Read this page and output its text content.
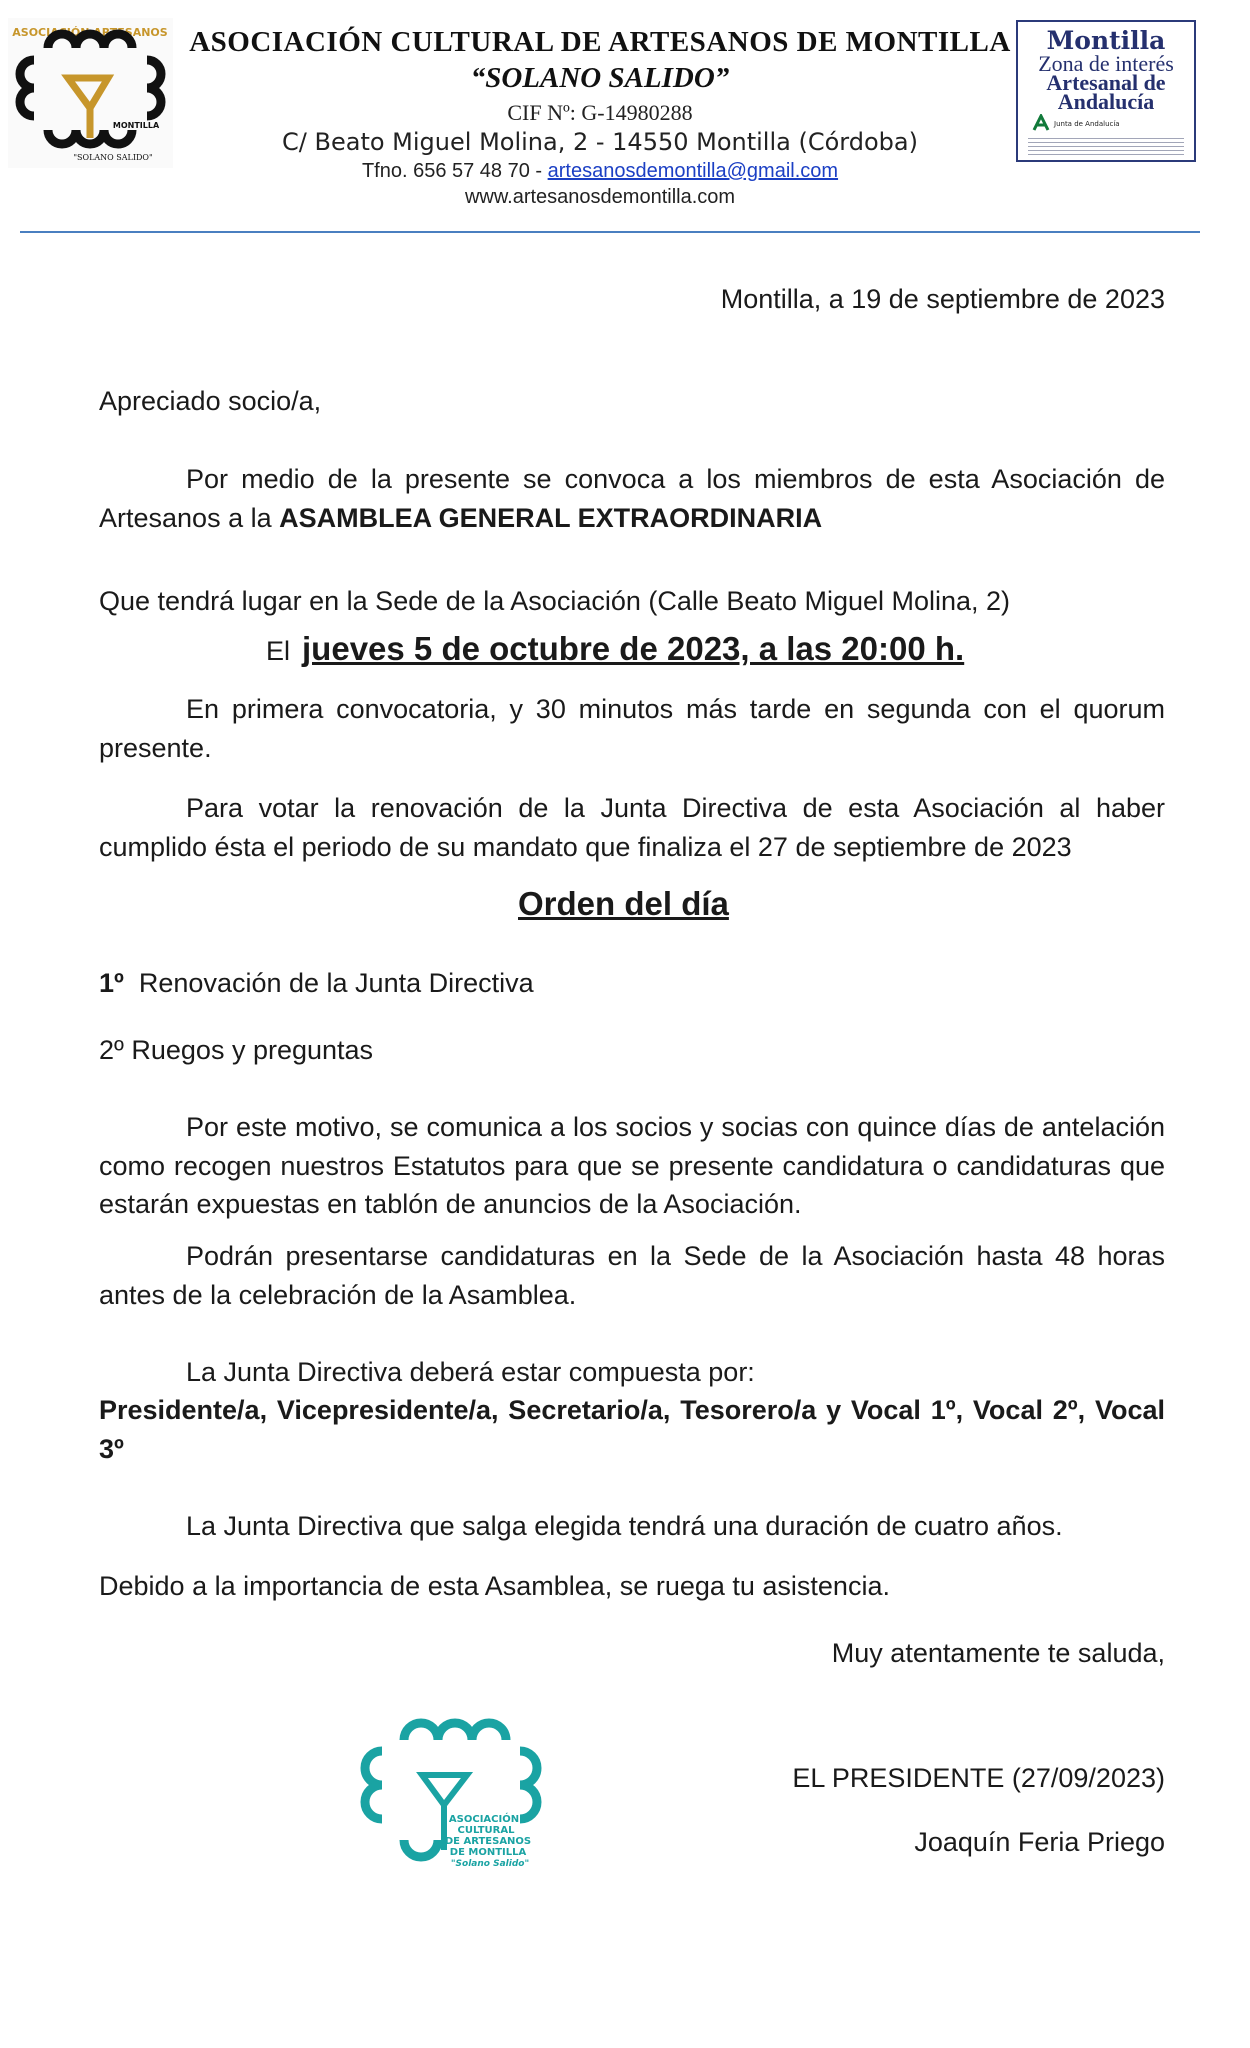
ASOCIACIÓN ARTESANOS
MONTILLA
"SOLANO SALIDO"
ASOCIACIÓN CULTURAL DE ARTESANOS DE MONTILLA
“SOLANO SALIDO”
CIF Nº: G-14980288
C/ Beato Miguel Molina, 2 - 14550 Montilla (Córdoba)
Tfno. 656 57 48 70 - artesanosdemontilla@gmail.com
www.artesanosdemontilla.com
Montilla
Zona de interés
Artesanal de
Andalucía
Junta de Andalucía
Montilla, a 19 de septiembre de 2023
Apreciado socio/a,
Por medio de la presente se convoca a los miembros de esta Asociación de Artesanos a la ASAMBLEA GENERAL EXTRAORDINARIA
Que tendrá lugar en la Sede de la Asociación (Calle Beato Miguel Molina, 2)
El jueves 5 de octubre de 2023, a las 20:00 h.
En primera convocatoria, y 30 minutos más tarde en segunda con el quorum presente.
Para votar la renovación de la Junta Directiva de esta Asociación al haber cumplido ésta el periodo de su mandato que finaliza el 27 de septiembre de 2023
Orden del día
1º Renovación de la Junta Directiva
2º Ruegos y preguntas
Por este motivo, se comunica a los socios y socias con quince días de antelación como recogen nuestros Estatutos para que se presente candidatura o candidaturas que estarán expuestas en tablón de anuncios de la Asociación.
Podrán presentarse candidaturas en la Sede de la Asociación hasta 48 horas antes de la celebración de la Asamblea.
La Junta Directiva deberá estar compuesta por:
Presidente/a, Vicepresidente/a, Secretario/a, Tesorero/a y Vocal 1º, Vocal 2º, Vocal 3º
La Junta Directiva que salga elegida tendrá una duración de cuatro años.
Debido a la importancia de esta Asamblea, se ruega tu asistencia.
Muy atentamente te saluda,
ASOCIACIÓN
CULTURAL
DE ARTESANOS
DE MONTILLA
"Solano Salido"
EL PRESIDENTE (27/09/2023)
Joaquín Feria Priego
